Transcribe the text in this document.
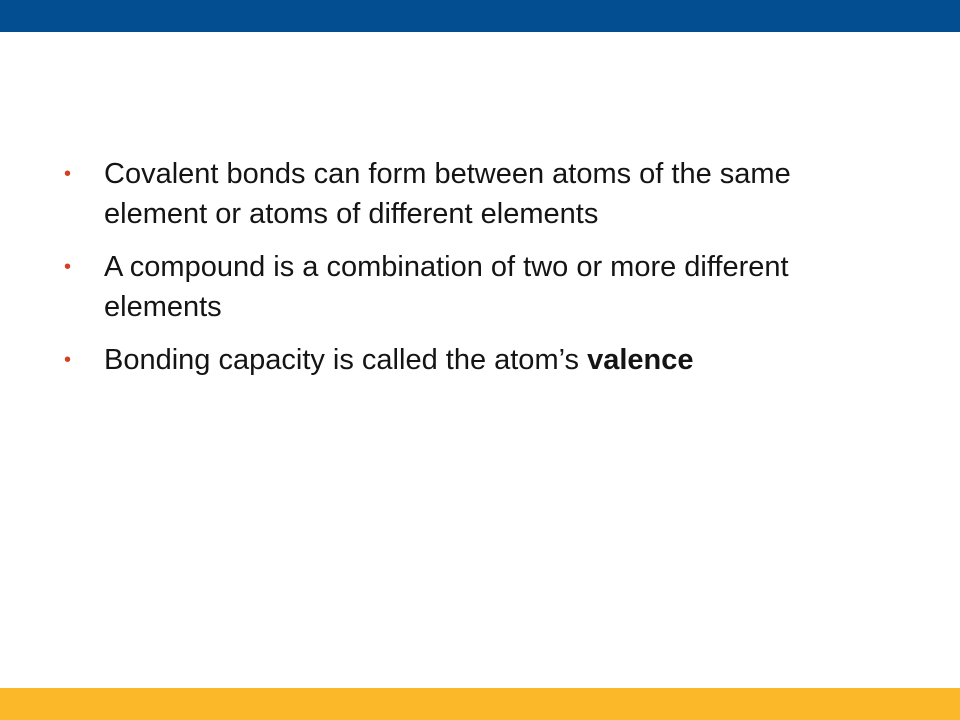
• Covalent bonds can form between atoms of the same element or atoms of different elements
• A compound is a combination of two or more different elements
• Bonding capacity is called the atom’s valence
